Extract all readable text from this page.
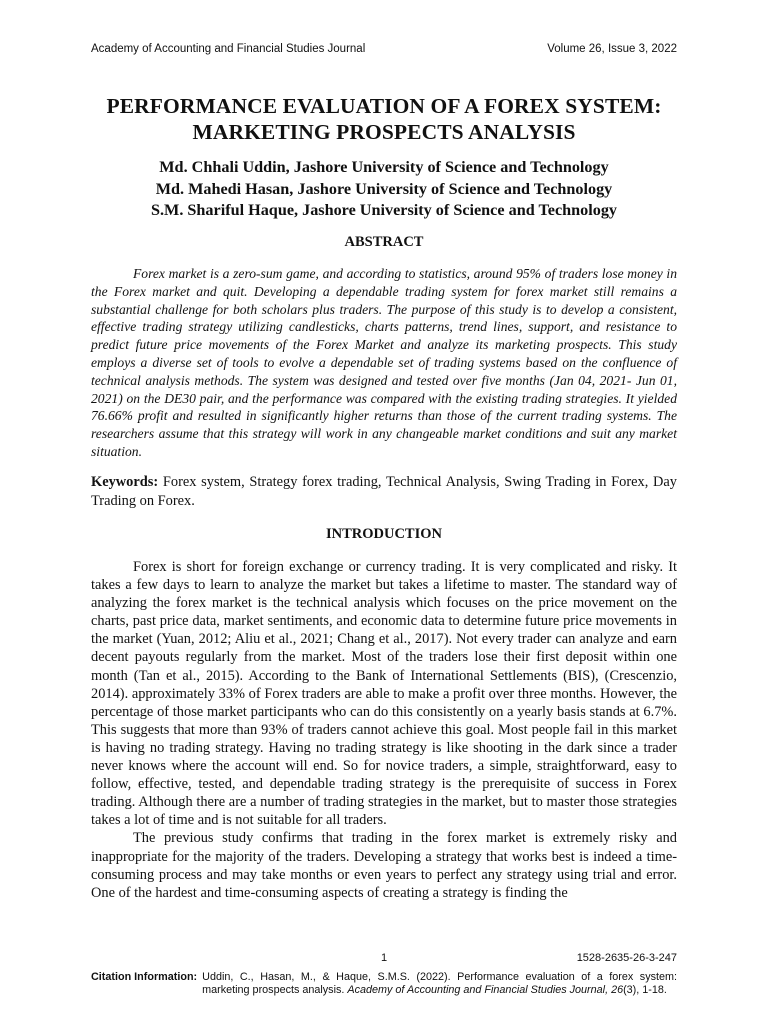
Academy of Accounting and Financial Studies Journal	Volume 26, Issue 3, 2022
PERFORMANCE EVALUATION OF A FOREX SYSTEM:
MARKETING PROSPECTS ANALYSIS
Md. Chhali Uddin, Jashore University of Science and Technology
Md. Mahedi Hasan, Jashore University of Science and Technology
S.M. Shariful Haque, Jashore University of Science and Technology
ABSTRACT

Forex market is a zero-sum game, and according to statistics, around 95% of traders lose money in the Forex market and quit. Developing a dependable trading system for forex market still remains a substantial challenge for both scholars plus traders. The purpose of this study is to develop a consistent, effective trading strategy utilizing candlesticks, charts patterns, trend lines, support, and resistance to predict future price movements of the Forex Market and analyze its marketing prospects. This study employs a diverse set of tools to evolve a dependable set of trading systems based on the confluence of technical analysis methods. The system was designed and tested over five months (Jan 04, 2021- Jun 01, 2021) on the DE30 pair, and the performance was compared with the existing trading strategies. It yielded 76.66% profit and resulted in significantly higher returns than those of the current trading systems. The researchers assume that this strategy will work in any changeable market conditions and suit any market situation.

Keywords: Forex system, Strategy forex trading, Technical Analysis, Swing Trading in Forex, Day Trading on Forex.

INTRODUCTION

Forex is short for foreign exchange or currency trading. It is very complicated and risky. It takes a few days to learn to analyze the market but takes a lifetime to master. The standard way of analyzing the forex market is the technical analysis which focuses on the price movement on the charts, past price data, market sentiments, and economic data to determine future price movements in the market (Yuan, 2012; Aliu et al., 2021; Chang et al., 2017). Not every trader can analyze and earn decent payouts regularly from the market. Most of the traders lose their first deposit within one month (Tan et al., 2015). According to the Bank of International Settlements (BIS), (Crescenzio, 2014). approximately 33% of Forex traders are able to make a profit over three months. However, the percentage of those market participants who can do this consistently on a yearly basis stands at 6.7%. This suggests that more than 93% of traders cannot achieve this goal. Most people fail in this market is having no trading strategy. Having no trading strategy is like shooting in the dark since a trader never knows where the account will end. So for novice traders, a simple, straightforward, easy to follow, effective, tested, and dependable trading strategy is the prerequisite of success in Forex trading. Although there are a number of trading strategies in the market, but to master those strategies takes a lot of time and is not suitable for all traders.

The previous study confirms that trading in the forex market is extremely risky and inappropriate for the majority of the traders. Developing a strategy that works best is indeed a time-consuming process and may take months or even years to perfect any strategy using trial and error. One of the hardest and time-consuming aspects of creating a strategy is finding the

1	1528-2635-26-3-247
Citation Information: Uddin, C., Hasan, M., & Haque, S.M.S. (2022). Performance evaluation of a forex system: marketing prospects analysis. Academy of Accounting and Financial Studies Journal, 26(3), 1-18.
